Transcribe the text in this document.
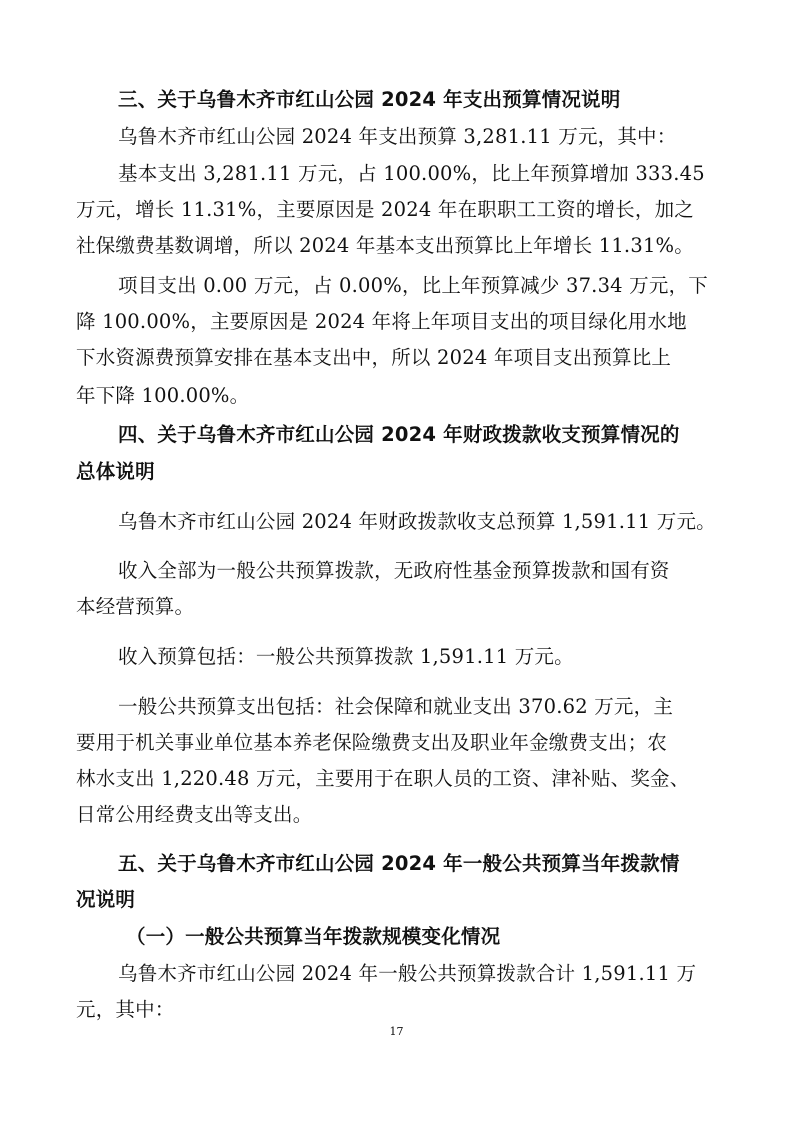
三、关于乌鲁木齐市红山公园 2024 年支出预算情况说明
乌鲁木齐市红山公园 2024 年支出预算 3,281.11 万元，其中：
基本支出 3,281.11 万元，占 100.00%，比上年预算增加 333.45
万元，增长 11.31%，主要原因是 2024 年在职职工工资的增长，加之
社保缴费基数调增，所以 2024 年基本支出预算比上年增长 11.31%。
项目支出 0.00 万元，占 0.00%，比上年预算减少 37.34 万元，下
降 100.00%，主要原因是 2024 年将上年项目支出的项目绿化用水地
下水资源费预算安排在基本支出中，所以 2024 年项目支出预算比上
年下降 100.00%。
四、关于乌鲁木齐市红山公园 2024 年财政拨款收支预算情况的
总体说明
乌鲁木齐市红山公园 2024 年财政拨款收支总预算 1,591.11 万元。
收入全部为一般公共预算拨款，无政府性基金预算拨款和国有资
本经营预算。
收入预算包括：一般公共预算拨款 1,591.11 万元。
一般公共预算支出包括：社会保障和就业支出 370.62 万元，主
要用于机关事业单位基本养老保险缴费支出及职业年金缴费支出；农
林水支出 1,220.48 万元，主要用于在职人员的工资、津补贴、奖金、
日常公用经费支出等支出。
五、关于乌鲁木齐市红山公园 2024 年一般公共预算当年拨款情
况说明
（一）一般公共预算当年拨款规模变化情况
乌鲁木齐市红山公园 2024 年一般公共预算拨款合计 1,591.11 万
元，其中：
17
